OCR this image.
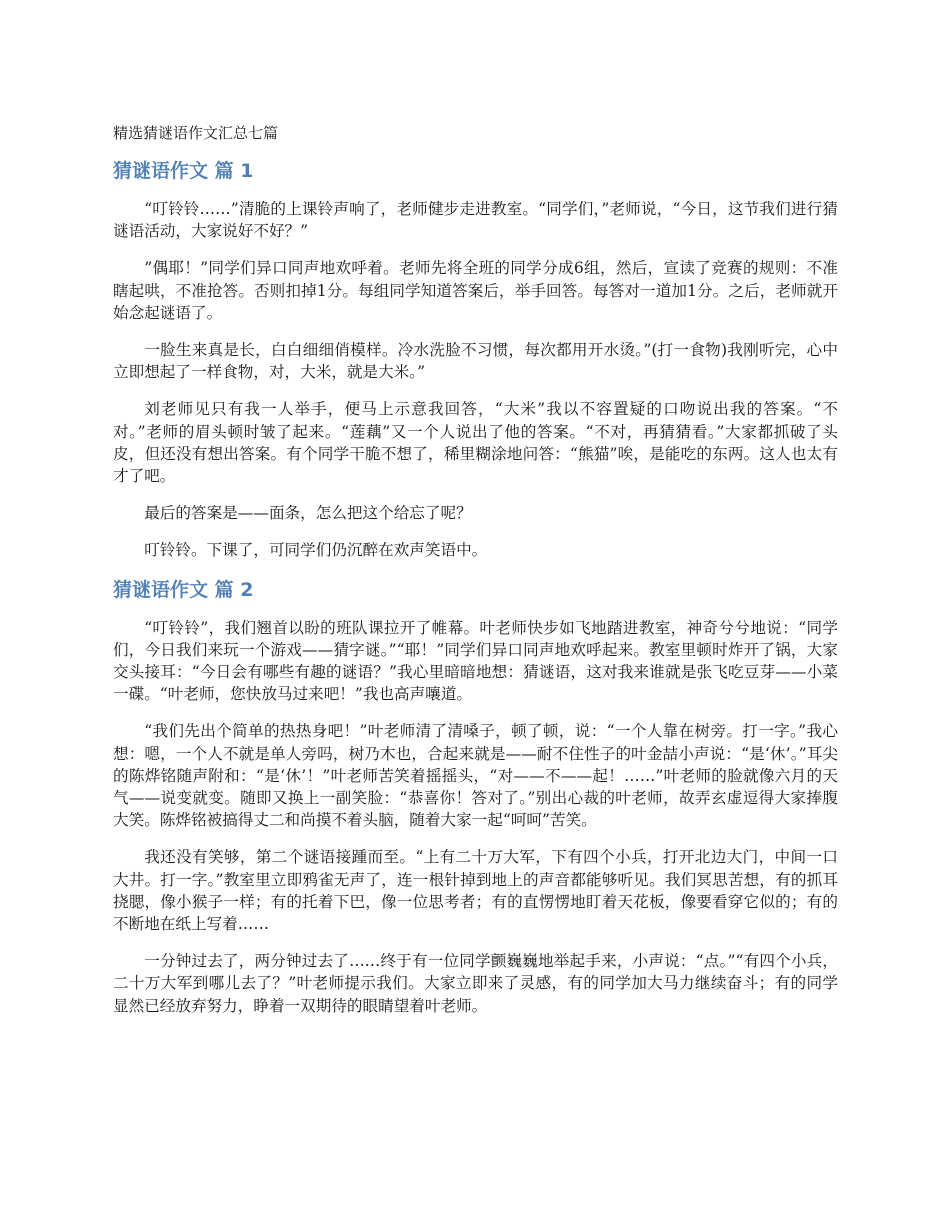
精选猜谜语作文汇总七篇
猜谜语作文 篇 1

“叮铃铃……”清脆的上课铃声响了，老师健步走进教室。“同学们，”老师说，“今日，这节我们进行猜谜语活动，大家说好不好？”

”偶耶！”同学们异口同声地欢呼着。老师先将全班的同学分成6组，然后，宣读了竞赛的规则：不准瞎起哄，不准抢答。否则扣掉1分。每组同学知道答案后，举手回答。每答对一道加1分。之后，老师就开始念起谜语了。

一脸生来真是长，白白细细俏模样。冷水洗脸不习惯，每次都用开水烫。”(打一食物)我刚听完，心中立即想起了一样食物，对，大米，就是大米。”

刘老师见只有我一人举手，便马上示意我回答，“大米”我以不容置疑的口吻说出我的答案。“不对。”老师的眉头顿时皱了起来。“莲藕”又一个人说出了他的答案。“不对，再猜猜看。”大家都抓破了头皮，但还没有想出答案。有个同学干脆不想了，稀里糊涂地问答：“熊猫”唉，是能吃的东两。这人也太有才了吧。

最后的答案是——面条，怎么把这个给忘了呢？

叮铃铃。下课了，可同学们仍沉醉在欢声笑语中。

猜谜语作文 篇 2

“叮铃铃”，我们翘首以盼的班队课拉开了帷幕。叶老师快步如飞地踏进教室，神奇兮兮地说：“同学们，今日我们来玩一个游戏——猜字谜。”“耶！”同学们异口同声地欢呼起来。教室里顿时炸开了锅，大家交头接耳：“今日会有哪些有趣的谜语？”我心里暗暗地想：猜谜语，这对我来谁就是张飞吃豆芽——小菜一碟。“叶老师，您快放马过来吧！”我也高声嚷道。

“我们先出个简单的热热身吧！”叶老师清了清嗓子，顿了顿，说：“一个人靠在树旁。打一字。”我心想：嗯，一个人不就是单人旁吗，树乃木也，合起来就是——耐不住性子的叶金喆小声说：“是‘休’。”耳尖的陈烨铭随声附和：“是‘休’！”叶老师苦笑着摇摇头，“对——不——起！……”叶老师的脸就像六月的天气——说变就变。随即又换上一副笑脸：“恭喜你！答对了。”别出心裁的叶老师，故弄玄虚逗得大家捧腹大笑。陈烨铭被搞得丈二和尚摸不着头脑，随着大家一起“呵呵”苦笑。

我还没有笑够，第二个谜语接踵而至。“上有二十万大军，下有四个小兵，打开北边大门，中间一口大井。打一字。”教室里立即鸦雀无声了，连一根针掉到地上的声音都能够听见。我们冥思苦想，有的抓耳挠腮，像小猴子一样；有的托着下巴，像一位思考者；有的直愣愣地盯着天花板，像要看穿它似的；有的不断地在纸上写着……

一分钟过去了，两分钟过去了……终于有一位同学颤巍巍地举起手来，小声说：“点。”“有四个小兵，二十万大军到哪儿去了？”叶老师提示我们。大家立即来了灵感，有的同学加大马力继续奋斗；有的同学显然已经放弃努力，睁着一双期待的眼睛望着叶老师。
